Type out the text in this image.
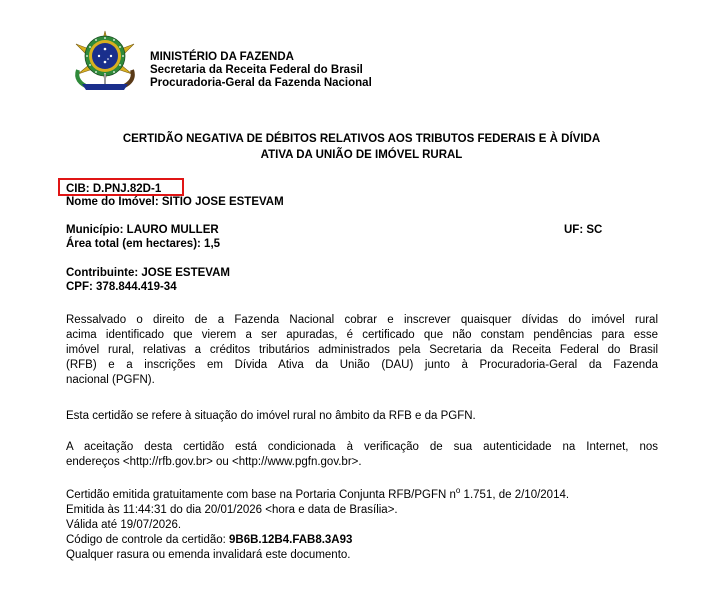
MINISTÉRIO DA FAZENDA
Secretaria da Receita Federal do Brasil
Procuradoria-Geral da Fazenda Nacional
CERTIDÃO NEGATIVA DE DÉBITOS RELATIVOS AOS TRIBUTOS FEDERAIS E À DÍVIDA
ATIVA DA UNIÃO DE IMÓVEL RURAL
CIB: D.PNJ.82D-1
Nome do Imóvel: SITIO JOSE ESTEVAM
Município: LAURO MULLER	UF: SC
Área total (em hectares): 1,5
Contribuinte: JOSE ESTEVAM
CPF: 378.844.419-34
Ressalvado o direito de a Fazenda Nacional cobrar e inscrever quaisquer dívidas do imóvel rural
acima identificado que vierem a ser apuradas, é certificado que não constam pendências para esse
imóvel rural, relativas a créditos tributários administrados pela Secretaria da Receita Federal do Brasil
(RFB) e a inscrições em Dívida Ativa da União (DAU) junto à Procuradoria-Geral da Fazenda
nacional (PGFN).
Esta certidão se refere à situação do imóvel rural no âmbito da RFB e da PGFN.
A aceitação desta certidão está condicionada à verificação de sua autenticidade na Internet, nos
endereços <http://rfb.gov.br> ou <http://www.pgfn.gov.br>.
Certidão emitida gratuitamente com base na Portaria Conjunta RFB/PGFN $n^o$ 1.751, de 2/10/2014.
Emitida às 11:44:31 do dia 20/01/2026 <hora e data de Brasília>.
Válida até 19/07/2026.
Código de controle da certidão: 9B6B.12B4.FAB8.3A93
Qualquer rasura ou emenda invalidará este documento.
